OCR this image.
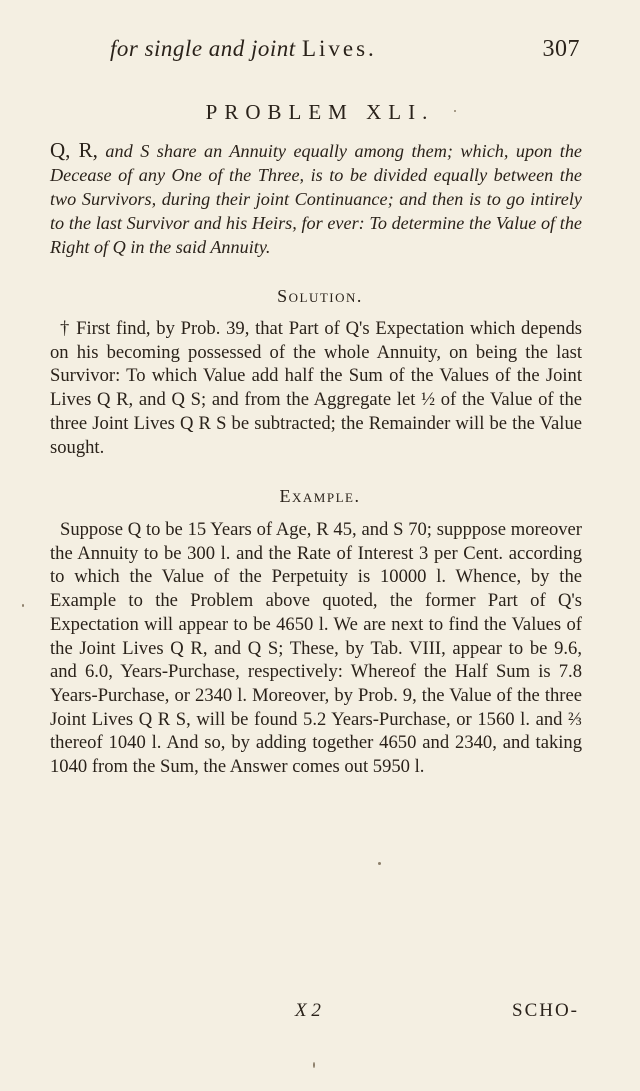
for single and joint Lives.	307
PROBLEM XLI.
Q, R, and S share an Annuity equally among them; which, upon the Decease of any One of the Three, is to be divided equally between the two Survivors, during their joint Continuance; and then is to go intirely to the last Survivor and his Heirs, for ever: To determine the Value of the Right of Q in the said Annuity.
Solution.
† First find, by Prob. 39, that Part of Q's Expectation which depends on his becoming possessed of the whole Annuity, on being the last Survivor: To which Value add half the Sum of the Values of the Joint Lives Q R, and Q S; and from the Aggregate let ½ of the Value of the three Joint Lives Q R S be subtracted; the Remainder will be the Value sought.
Example.
Suppose Q to be 15 Years of Age, R 45, and S 70; supppose moreover the Annuity to be 300 l. and the Rate of Interest 3 per Cent. according to which the Value of the Perpetuity is 10000 l. Whence, by the Example to the Problem above quoted, the former Part of Q's Expectation will appear to be 4650 l. We are next to find the Values of the Joint Lives Q R, and Q S; These, by Tab. VIII, appear to be 9.6, and 6.0, Years-Purchase, respectively: Whereof the Half Sum is 7.8 Years-Purchase, or 2340 l. Moreover, by Prob. 9, the Value of the three Joint Lives Q R S, will be found 5.2 Years-Purchase, or 1560 l. and ⅔ thereof 1040 l. And so, by adding together 4650 and 2340, and taking 1040 from the Sum, the Answer comes out 5950 l.
X 2	SCHO-
